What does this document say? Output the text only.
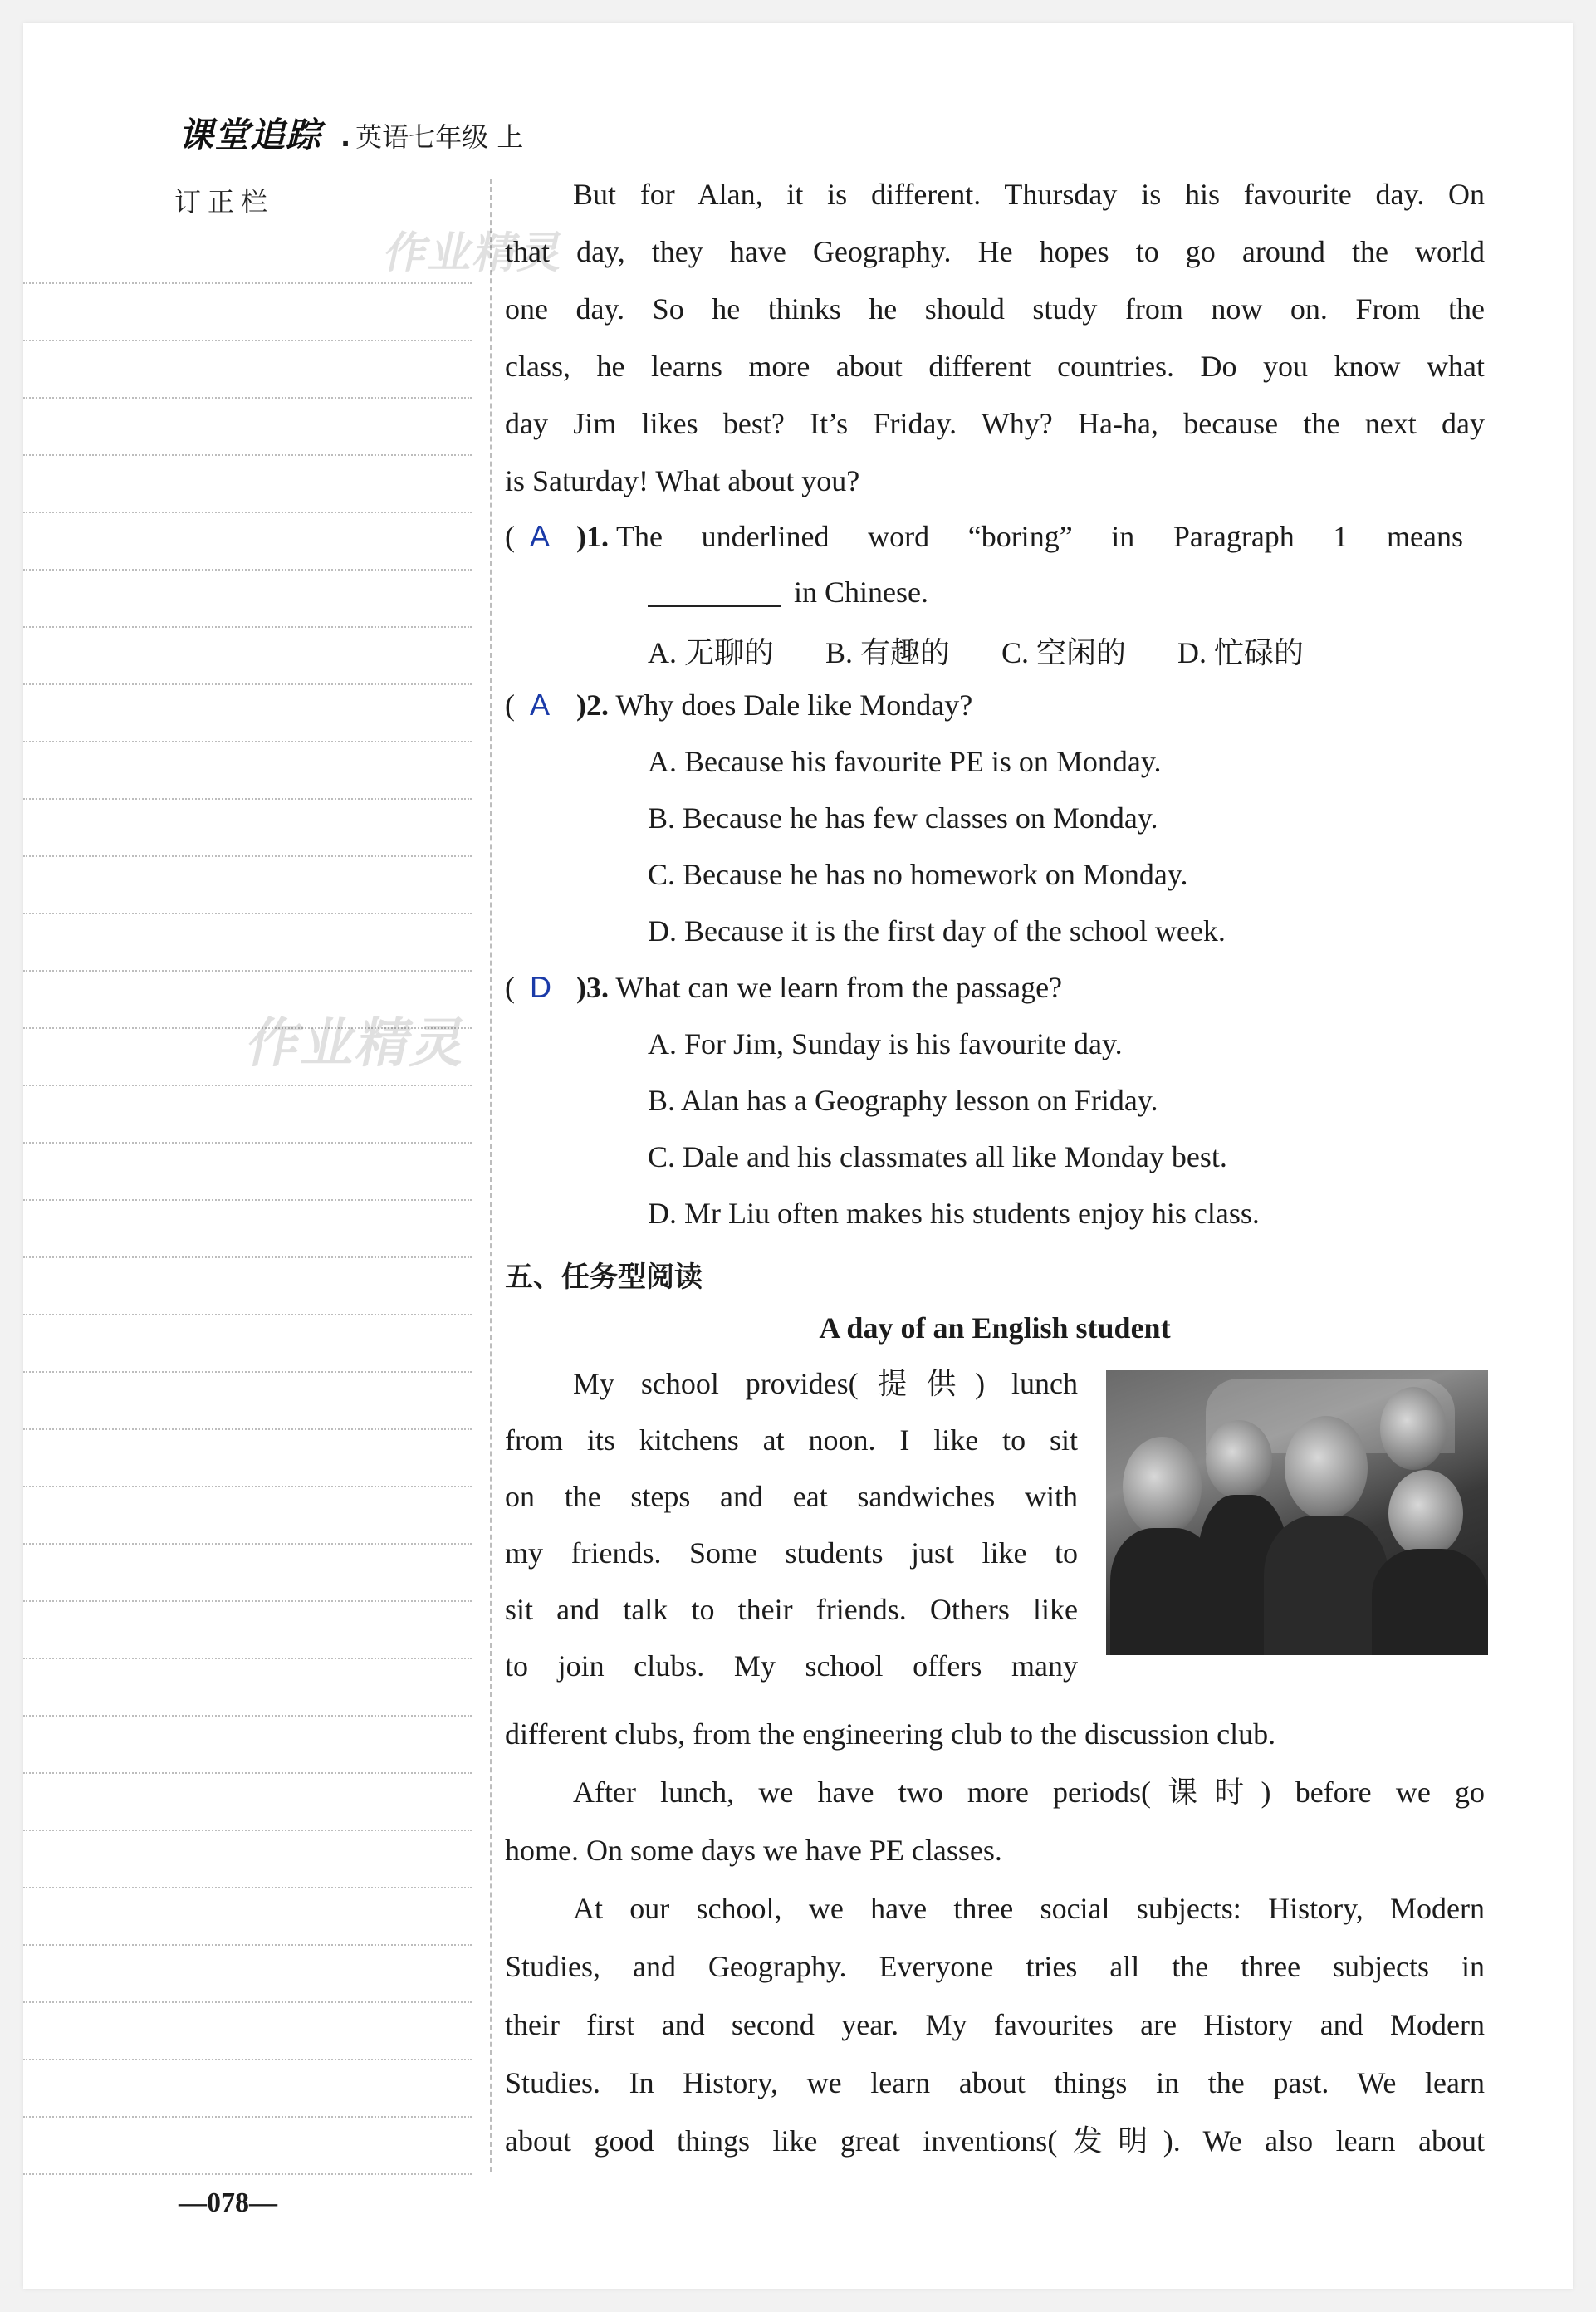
作业精灵
作业精灵
课堂追踪 . 英语七年级 上
订正栏	But for Alan, it is different. Thursday is his favourite day. On
that day, they have Geography. He hopes to go around the world
one day. So he thinks he should study from now on. From the
class, he learns more about different countries. Do you know what
day Jim likes best? It’s Friday. Why? Ha-ha, because the next day
is Saturday! What about you?
(  A )1. The underlined word “boring” in Paragraph 1 means
in Chinese.
A. 无聊的 B. 有趣的 C. 空闲的 D. 忙碌的
(  A )2. Why does Dale like Monday?
A. Because his favourite PE is on Monday.
B. Because he has few classes on Monday.
C. Because he has no homework on Monday.
D. Because it is the first day of the school week.
(  D )3. What can we learn from the passage?
A. For Jim, Sunday is his favourite day.
B. Alan has a Geography lesson on Friday.
C. Dale and his classmates all like Monday best.
D. Mr Liu often makes his students enjoy his class.
五、任务型阅读
A day of an English student
My school provides(提供) lunch
from its kitchens at noon. I like to sit
on the steps and eat sandwiches with
my friends. Some students just like to
sit and talk to their friends. Others like
to join clubs. My school offers many
different clubs, from the engineering club to the discussion club.
After lunch, we have two more periods(课时) before we go
home. On some days we have PE classes.
At our school, we have three social subjects: History, Modern
Studies, and Geography. Everyone tries all the three subjects in
their first and second year. My favourites are History and Modern
Studies. In History, we learn about things in the past. We learn
about good things like great inventions(发明). We also learn about
—078—
